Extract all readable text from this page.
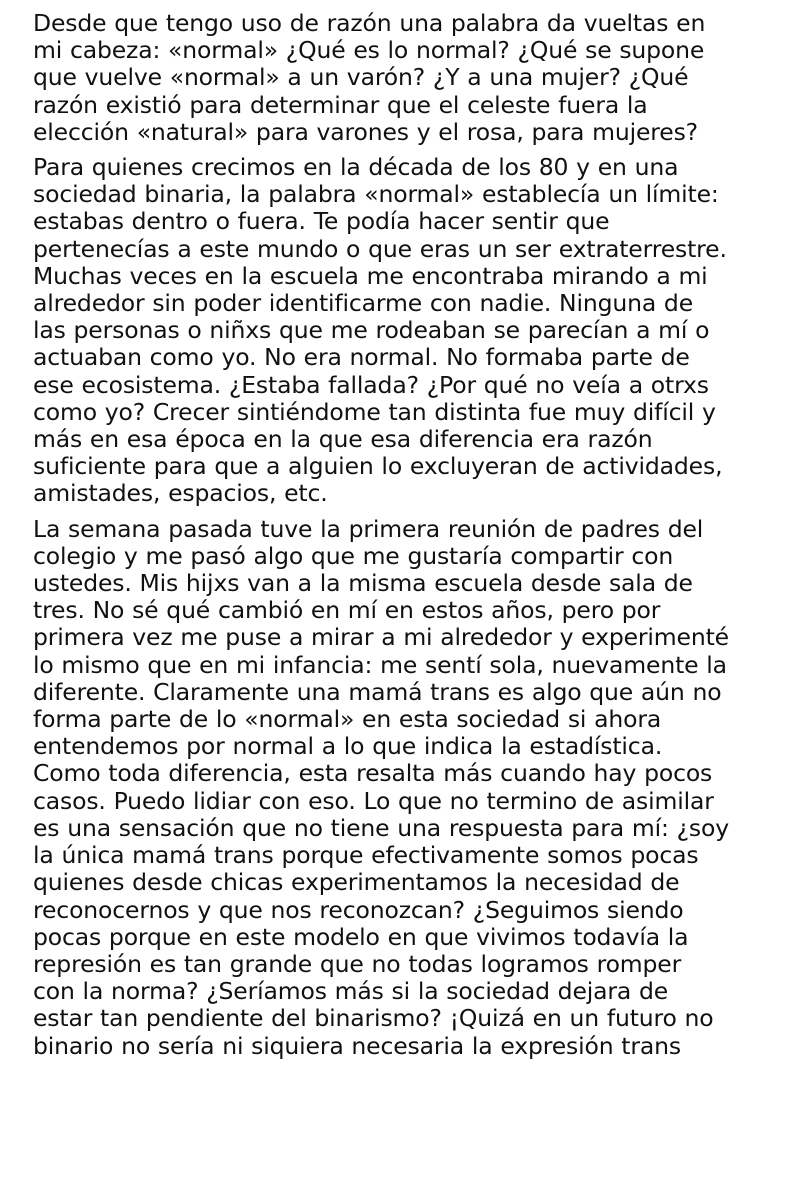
Desde que tengo uso de razón una palabra da vueltas en
mi cabeza: «normal» ¿Qué es lo normal? ¿Qué se supone
que vuelve «normal» a un varón? ¿Y a una mujer? ¿Qué
razón existió para determinar que el celeste fuera la
elección «natural» para varones y el rosa, para mujeres?

Para quienes crecimos en la década de los 80 y en una
sociedad binaria, la palabra «normal» establecía un límite:
estabas dentro o fuera. Te podía hacer sentir que
pertenecías a este mundo o que eras un ser extraterrestre.
Muchas veces en la escuela me encontraba mirando a mi
alrededor sin poder identificarme con nadie. Ninguna de
las personas o niñxs que me rodeaban se parecían a mí o
actuaban como yo. No era normal. No formaba parte de
ese ecosistema. ¿Estaba fallada? ¿Por qué no veía a otrxs
como yo? Crecer sintiéndome tan distinta fue muy difícil y
más en esa época en la que esa diferencia era razón
suficiente para que a alguien lo excluyeran de actividades,
amistades, espacios, etc.

La semana pasada tuve la primera reunión de padres del
colegio y me pasó algo que me gustaría compartir con
ustedes. Mis hijxs van a la misma escuela desde sala de
tres. No sé qué cambió en mí en estos años, pero por
primera vez me puse a mirar a mi alrededor y experimenté
lo mismo que en mi infancia: me sentí sola, nuevamente la
diferente. Claramente una mamá trans es algo que aún no
forma parte de lo «normal» en esta sociedad si ahora
entendemos por normal a lo que indica la estadística.
Como toda diferencia, esta resalta más cuando hay pocos
casos. Puedo lidiar con eso. Lo que no termino de asimilar
es una sensación que no tiene una respuesta para mí: ¿soy
la única mamá trans porque efectivamente somos pocas
quienes desde chicas experimentamos la necesidad de
reconocernos y que nos reconozcan? ¿Seguimos siendo
pocas porque en este modelo en que vivimos todavía la
represión es tan grande que no todas logramos romper
con la norma? ¿Seríamos más si la sociedad dejara de
estar tan pendiente del binarismo? ¡Quizá en un futuro no
binario no sería ni siquiera necesaria la expresión trans
